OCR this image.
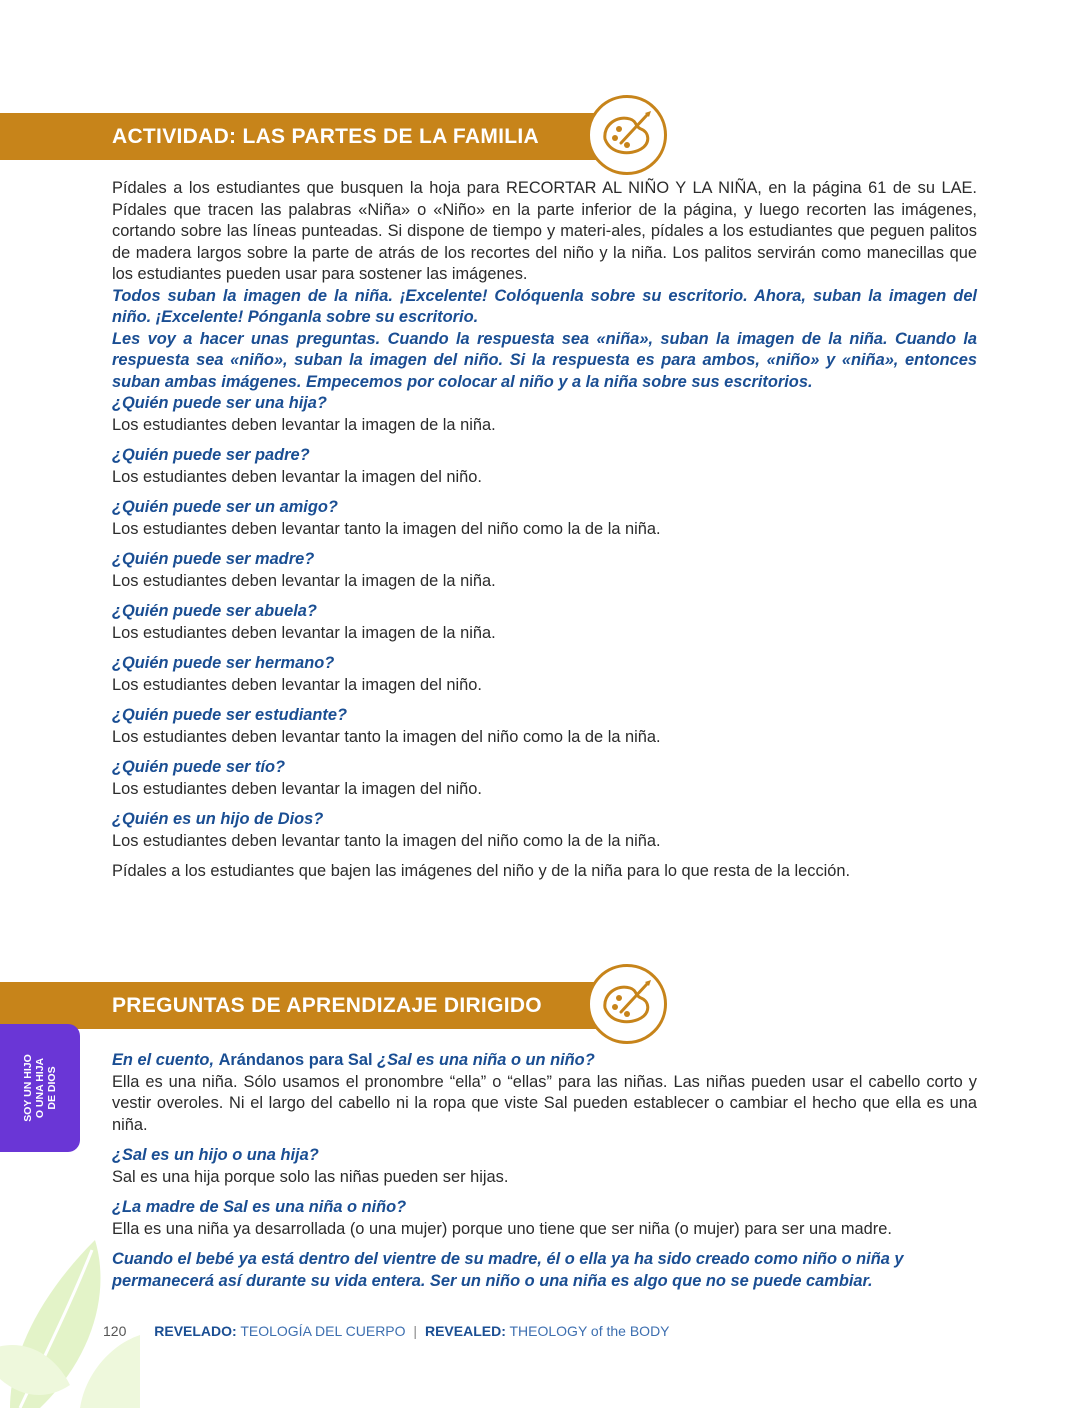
ACTIVIDAD: LAS PARTES DE LA FAMILIA

Pídales a los estudiantes que busquen la hoja para RECORTAR AL NIÑO Y LA NIÑA, en la página 61 de su LAE. Pídales que tracen las palabras «Niña» o «Niño» en la parte inferior de la página, y luego recorten las imágenes, cortando sobre las líneas punteadas. Si dispone de tiempo y materi-ales, pídales a los estudiantes que peguen palitos de madera largos sobre la parte de atrás de los recortes del niño y la niña. Los palitos servirán como manecillas que los estudiantes pueden usar para sostener las imágenes.

Todos suban la imagen de la niña. ¡Excelente! Colóquenla sobre su escritorio. Ahora, suban la imagen del niño. ¡Excelente! Pónganla sobre su escritorio.

Les voy a hacer unas preguntas. Cuando la respuesta sea «niña», suban la imagen de la niña. Cuando la respuesta sea «niño», suban la imagen del niño. Si la respuesta es para ambos, «niño» y «niña», entonces suban ambas imágenes. Empecemos por colocar al niño y a la niña sobre sus escritorios.

¿Quién puede ser una hija?

Los estudiantes deben levantar la imagen de la niña.

¿Quién puede ser padre?

Los estudiantes deben levantar la imagen del niño.

¿Quién puede ser un amigo?

Los estudiantes deben levantar tanto la imagen del niño como la de la niña.

¿Quién puede ser madre?

Los estudiantes deben levantar la imagen de la niña.

¿Quién puede ser abuela?

Los estudiantes deben levantar la imagen de la niña.

¿Quién puede ser hermano?

Los estudiantes deben levantar la imagen del niño.

¿Quién puede ser estudiante?

Los estudiantes deben levantar tanto la imagen del niño como la de la niña.

¿Quién puede ser tío?

Los estudiantes deben levantar la imagen del niño.

¿Quién es un hijo de Dios?

Los estudiantes deben levantar tanto la imagen del niño como la de la niña.

Pídales a los estudiantes que bajen las imágenes del niño y de la niña para lo que resta de la lección.

PREGUNTAS DE APRENDIZAJE DIRIGIDO

En el cuento, Arándanos para Sal ¿Sal es una niña o un niño?

Ella es una niña. Sólo usamos el pronombre “ella” o “ellas” para las niñas. Las niñas pueden usar el cabello corto y vestir overoles. Ni el largo del cabello ni la ropa que viste Sal pueden establecer o cambiar el hecho que ella es una niña.

¿Sal es un hijo o una hija?

Sal es una hija porque solo las niñas pueden ser hijas.

¿La madre de Sal es una niña o niño?

Ella es una niña ya desarrollada (o una mujer) porque uno tiene que ser niña (o mujer) para ser una madre.

Cuando el bebé ya está dentro del vientre de su madre, él o ella ya ha sido creado como niño o niña y permanecerá así durante su vida entera. Ser un niño o una niña es algo que no se puede cambiar.

SOY UN HIJO
O UNA HIJA
DE DIOS
120 REVELADO: TEOLOGÍA DEL CUERPO | REVEALED: THEOLOGY of the BODY
